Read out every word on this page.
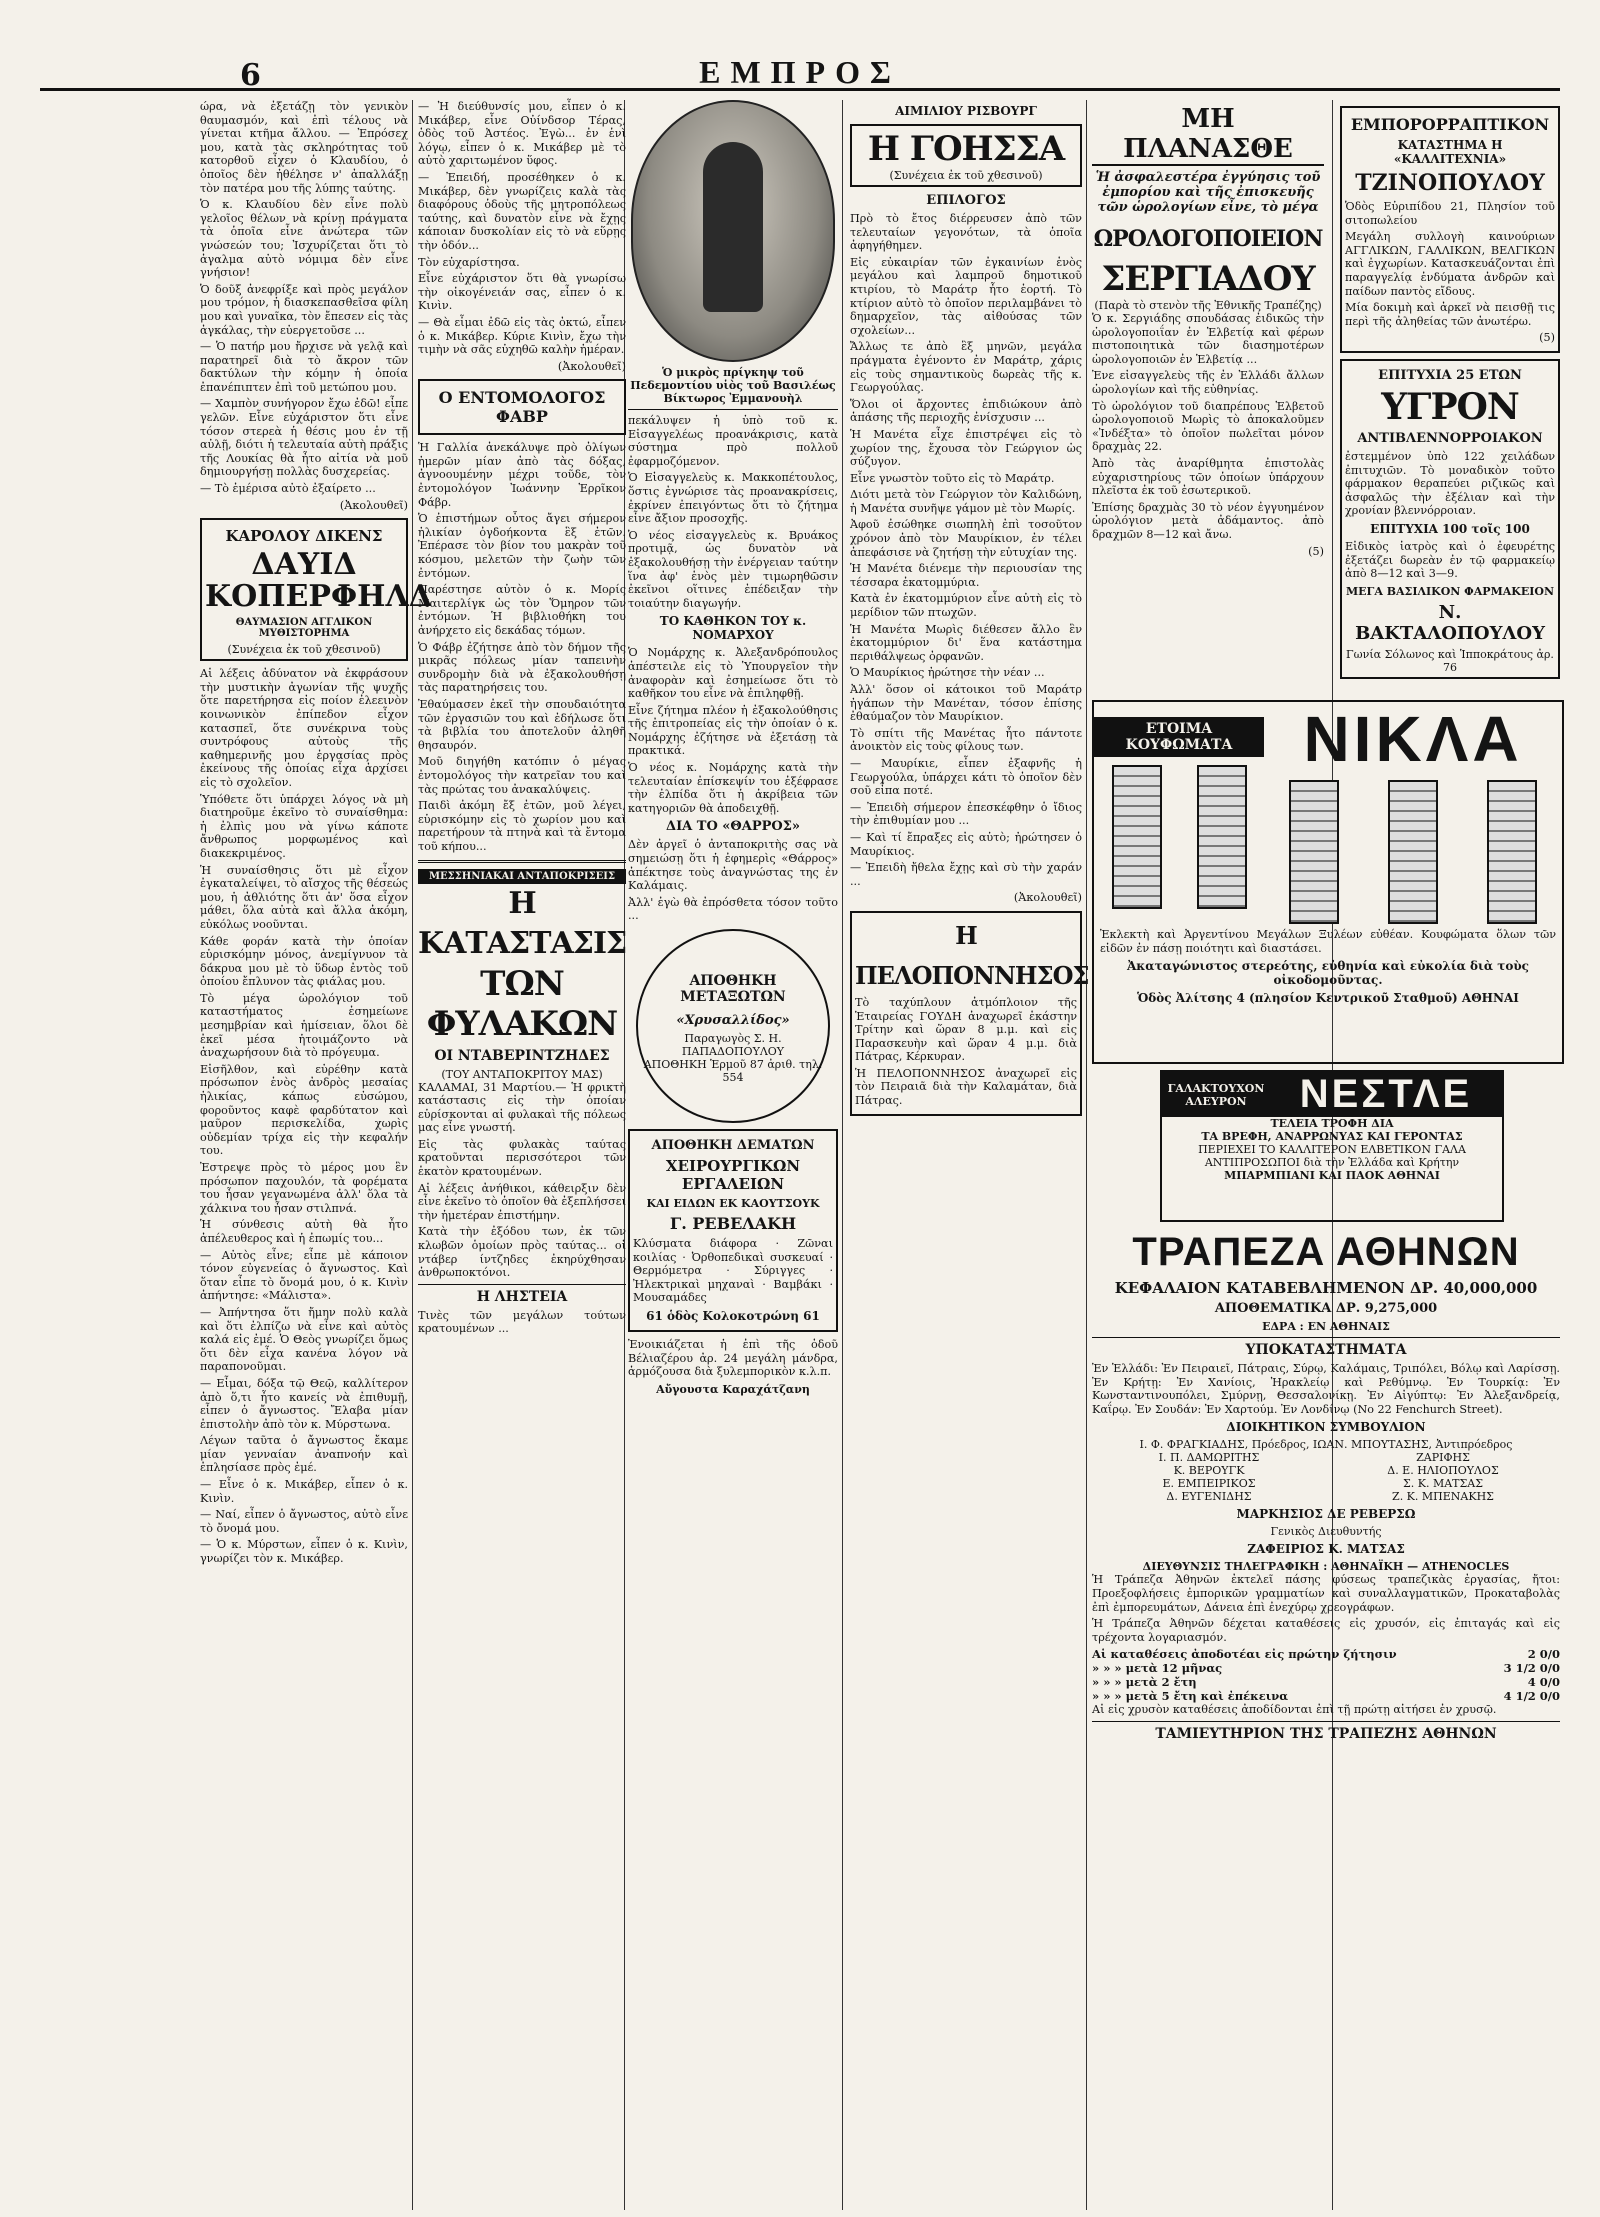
6	ΕΜΠΡΟΣ

ώρα, νὰ ἐξετάζῃ τὸν γενικὸν θαυμασμόν, καὶ ἐπὶ τέλους νὰ γίνεται κτῆμα ἄλλου. — Ἐπρόσεχ μου, κατὰ τὰς σκληρότητας τοῦ κατορθοῦ εἶχεν ὁ Κλαυδίου, ὁ ὁποῖος δὲν ἠθέλησε ν' ἀπαλλάξῃ τὸν πατέρα μου τῆς λύπης ταύτης.

Ὁ κ. Κλαυδίου δὲν εἶνε πολὺ γελοῖος θέλων νὰ κρίνῃ πράγματα τὰ ὁποῖα εἶνε ἀνώτερα τῶν γνώσεών του; Ἰσχυρίζεται ὅτι τὸ ἀγαλμα αὐτὸ νόμιμα δὲν εἶνε γνήσιον!

Ὁ δοῦξ ἀνεφρίξε καὶ πρὸς μεγάλον μου τρόμον, ἡ διασκεπασθεῖσα φίλη μου καὶ γυναῖκα, τὸν ἔπεσεν εἰς τὰς ἀγκάλας, τὴν εὐεργετοῦσε ...

— Ὁ πατήρ μου ἤρχισε νὰ γελᾷ καὶ παρατηρεῖ διὰ τὸ ἄκρον τῶν δακτύλων τὴν κόμην ἡ ὁποία ἐπανέπιπτεν ἐπὶ τοῦ μετώπου μου.

— Χαμπὸν συνήγορον ἔχω ἐδῶ! εἶπε γελῶν. Εἶνε εὐχάριστον ὅτι εἶνε τόσον στερεὰ ἡ θέσις μου ἐν τῇ αὐλῇ, διότι ἡ τελευταία αὐτὴ πράξις τῆς Λουκίας θὰ ἦτο αἰτία νὰ μοῦ δημιουργήσῃ πολλὰς δυσχερείας.

— Τὸ ἐμέρισα αὐτὸ ἐξαίρετο ...

(Ἀκολουθεῖ)

ΚΑΡΟΛΟΥ ΔΙΚΕΝΣ
ΔΑΥΙΔ ΚΟΠΕΡΦΗΛΔ
ΘΑΥΜΑΣΙΟΝ ΑΓΓΛΙΚΟΝ ΜΥΘΙΣΤΟΡΗΜΑ
(Συνέχεια ἐκ τοῦ χθεσινοῦ)

Αἱ λέξεις ἀδύνατον νὰ ἐκφράσουν τὴν μυστικὴν ἀγωνίαν τῆς ψυχῆς ὅτε παρετήρησα εἰς ποίον ἐλεεινὸν κοινωνικὸν ἐπίπεδον εἶχον κατασπεῖ, ὅτε συνέκρινα τοὺς συντρόφους αὐτοὺς τῆς καθημερινῆς μου ἐργασίας πρὸς ἐκείνους τῆς ὁποίας εἶχα ἀρχίσει εἰς τὸ σχολεῖον.

Ὑπόθετε ὅτι ὑπάρχει λόγος νὰ μὴ διατηροῦμε ἐκεῖνο τὸ συναίσθημα: ἡ ἐλπὶς μου νὰ γίνω κάποτε ἄνθρωπος μορφωμένος καὶ διακεκριμένος.

Ἡ συναίσθησις ὅτι μὲ εἶχον ἐγκαταλείψει, τὸ αἴσχος τῆς θέσεώς μου, ἡ ἀθλιότης ὅτι ἀν' ὅσα εἶχον μάθει, ὅλα αὐτὰ καὶ ἄλλα ἀκόμη, εὐκόλως νοοῦνται.

Κάθε φοράν κατὰ τὴν ὁποίαν εὑρισκόμην μόνος, ἀνεμίγνυον τὰ δάκρυα μου μὲ τὸ ὕδωρ ἐντὸς τοῦ ὁποίου ἔπλυνον τὰς φιάλας μου.

Τὸ μέγα ὡρολόγιον τοῦ καταστήματος ἐσημείωνε μεσημβρίαν καὶ ἡμίσειαν, ὅλοι δὲ ἐκεῖ μέσα ἡτοιμάζοντο νὰ ἀναχωρήσουν διὰ τὸ πρόγευμα.

Εἰσῆλθον, καὶ εὑρέθην κατὰ πρόσωπον ἑνὸς ἀνδρὸς μεσαίας ἡλικίας, κάπως εὐσώμου, φοροῦντος καφὲ φαρδύτατον καὶ μαῦρον περισκελίδα, χωρὶς οὐδεμίαν τρίχα εἰς τὴν κεφαλήν του.

Ἐστρεψε πρὸς τὸ μέρος μου ἓν πρόσωπον παχουλόν, τὰ φορέματα του ἦσαν γεγανωμένα ἀλλ' ὅλα τὰ χάλκινα του ἦσαν στιλπνά.

Ἡ σύνθεσις αὐτὴ θὰ ἦτο ἀπέλευθερος καὶ ἡ ἐπωμίς του...

— Αὐτὸς εἶνε; εἶπε μὲ κάποιον τόνον εὐγενείας ὁ ἄγνωστος. Καὶ ὅταν εἶπε τὸ ὄνομά μου, ὁ κ. Κινὶν ἀπήντησε: «Μάλιστα».

— Ἀπήντησα ὅτι ἤμην πολὺ καλὰ καὶ ὅτι ἐλπίζω νὰ εἶνε καὶ αὐτὸς καλά εἰς ἐμέ. Ὁ Θεὸς γνωρίζει ὅμως ὅτι δὲν εἶχα κανένα λόγον νὰ παραπονοῦμαι.

— Εἶμαι, δόξα τῷ Θεῷ, καλλίτερον ἀπὸ ὅ,τι ἦτο κανείς νὰ ἐπιθυμῇ, εἶπεν ὁ ἄγνωστος. Ἔλαβα μίαν ἐπιστολὴν ἀπὸ τὸν κ. Μύρστωνα.

Λέγων ταῦτα ὁ ἄγνωστος ἔκαμε μίαν γενναίαν ἀναπνοήν καὶ ἐπλησίασε πρὸς ἐμέ.

— Εἶνε ὁ κ. Μικάβερ, εἶπεν ὁ κ. Κινὶν.

— Ναί, εἶπεν ὁ ἄγνωστος, αὐτὸ εἶνε τὸ ὄνομά μου.

— Ὁ κ. Μύρστων, εἶπεν ὁ κ. Κινὶν, γνωρίζει τὸν κ. Μικάβερ.

— Ἡ διεύθυνσίς μου, εἶπεν ὁ κ. Μικάβερ, εἶνε Οὐίνδσορ Τέρας, ὁδὸς τοῦ Ἀστέος. Ἐγὼ... ἐν ἑνὶ λόγῳ, εἶπεν ὁ κ. Μικάβερ μὲ τὸ αὐτὸ χαριτωμένον ὕφος.

— Ἐπειδή, προσέθηκεν ὁ κ. Μικάβερ, δὲν γνωρίζεις καλὰ τὰς διαφόρους ὁδοὺς τῆς μητροπόλεως ταύτης, καὶ δυνατὸν εἶνε νὰ ἔχῃς κάποιαν δυσκολίαν εἰς τὸ νὰ εὕρῃς τὴν ὁδόν...

Τὸν εὐχαρίστησα.

Εἶνε εὐχάριστον ὅτι θὰ γνωρίσω τὴν οἰκογένειάν σας, εἶπεν ὁ κ. Κινὶν.

— Θὰ εἶμαι ἐδῶ εἰς τὰς ὀκτώ, εἶπεν ὁ κ. Μικάβερ. Κύριε Κινὶν, ἔχω τὴν τιμὴν νὰ σᾶς εὐχηθῶ καλὴν ἡμέραν.

(Ἀκολουθεῖ)

Ο ΕΝΤΟΜΟΛΟΓΟΣ ΦΑΒΡ

Ἡ Γαλλία ἀνεκάλυψε πρὸ ὀλίγων ἡμερῶν μίαν ἀπὸ τὰς δόξας, ἀγνοουμένην μέχρι τοῦδε, τὸν ἐντομολόγον Ἰωάννην Ἑρρῖκον Φάβρ.

Ὁ ἐπιστήμων οὗτος ἄγει σήμερον ἡλικίαν ὀγδοήκοντα ἓξ ἐτῶν. Ἐπέρασε τὸν βίον του μακρὰν τοῦ κόσμου, μελετῶν τὴν ζωὴν τῶν ἐντόμων.

Παρέστησε αὐτὸν ὁ κ. Μορίς Μαιτερλίγκ ὡς τὸν Ὅμηρον τῶν ἐντόμων. Ἡ βιβλιοθήκη του ἀνήρχετο εἰς δεκάδας τόμων.

Ὁ Φάβρ ἐζήτησε ἀπὸ τὸν δήμον τῆς μικρᾶς πόλεως μίαν ταπεινὴν συνδρομὴν διὰ νὰ ἐξακολουθήσῃ τὰς παρατηρήσεις του.

Ἐθαύμασεν ἐκεῖ τὴν σπουδαιότητα τῶν ἐργασιῶν του καὶ ἐδήλωσε ὅτι τὰ βιβλία του ἀποτελοῦν ἀληθῆ θησαυρόν.

Μοῦ διηγήθη κατόπιν ὁ μέγας ἐντομολόγος τὴν κατρεῖαν του καὶ τὰς πρώτας του ἀνακαλύψεις.

Παιδὶ ἀκόμη ἔξ ἐτῶν, μοῦ λέγει, εὑρισκόμην εἰς τὸ χωρίον μου καὶ παρετήρουν τὰ πτηνὰ καὶ τὰ ἔντομα τοῦ κήπου...

ΜΕΣΣΗΝΙΑΚΑΙ ΑΝΤΑΠΟΚΡΙΣΕΙΣ
Η ΚΑΤΑΣΤΑΣΙΣ
ΤΩΝ ΦΥΛΑΚΩΝ
ΟΙ ΝΤΑΒΕΡΙΝΤΖΗΔΕΣ
(ΤΟΥ ΑΝΤΑΠΟΚΡΙΤΟΥ ΜΑΣ)

ΚΑΛΑΜΑΙ, 31 Μαρτίου.— Ἡ φρικτὴ κατάστασις εἰς τὴν ὁποίαν εὑρίσκονται αἱ φυλακαὶ τῆς πόλεως μας εἶνε γνωστή.

Εἰς τὰς φυλακὰς ταύτας κρατοῦνται περισσότεροι τῶν ἑκατὸν κρατουμένων.

Αἱ λέξεις ἀνήθικοι, κάθειρξιν δὲν εἶνε ἐκεῖνο τὸ ὁποῖον θὰ ἐξεπλήσσει τὴν ἡμετέραν ἐπιστήμην.

Κατὰ τὴν ἐξόδου των, ἐκ τῶν κλωβῶν ὁμοίων πρὸς ταύτας... οἱ ντάβερ ίντζηδες ἐκηρύχθησαν ἀνθρωποκτόνοι.

Η ΛΗΣΤΕΙΑ

Τινὲς τῶν μεγάλων τούτων κρατουμένων ...

Ὁ μικρὸς πρίγκηψ τοῦ Πεδεμοντίου υἱὸς τοῦ Βασιλέως Βίκτωρος Ἐμμανουὴλ

πεκάλυψεν ἡ ὑπὸ τοῦ κ. Εἰσαγγελέως προανάκρισις, κατὰ σύστημα πρὸ πολλοῦ ἐφαρμοζόμενον.

Ὁ Εἰσαγγελεὺς κ. Μακκοπέτουλος, ὅστις ἐγνώρισε τὰς προανακρίσεις, ἐκρίνεν ἐπειγόντως ὅτι τὸ ζήτημα εἶνε ἄξιον προσοχῆς.

Ὁ νέος εἰσαγγελεὺς κ. Βρυάκος προτιμᾷ, ὡς δυνατὸν νὰ ἐξακολουθήσῃ τὴν ἐνέργειαν ταύτην ἵνα ἀφ' ἑνὸς μὲν τιμωρηθῶσιν ἐκεῖνοι οἵτινες ἐπέδειξαν τὴν τοιαύτην διαγωγήν.

ΤΟ ΚΑΘΗΚΟΝ ΤΟΥ κ. ΝΟΜΑΡΧΟΥ

Ὁ Νομάρχης κ. Ἀλεξανδρόπουλος ἀπέστειλε εἰς τὸ Ὑπουργεῖον τὴν ἀναφορὰν καὶ ἐσημείωσε ὅτι τὸ καθῆκον του εἶνε νὰ ἐπιληφθῇ.

Εἶνε ζήτημα πλέον ἡ ἐξακολούθησις τῆς ἐπιτροπείας εἰς τὴν ὁποίαν ὁ κ. Νομάρχης ἐζήτησε νὰ ἐξετάσῃ τὰ πρακτικά.

Ὁ νέος κ. Νομάρχης κατὰ τὴν τελευταίαν ἐπίσκεψίν του ἐξέφρασε τὴν ἐλπίδα ὅτι ἡ ἀκρίβεια τῶν κατηγοριῶν θὰ ἀποδειχθῇ.

ΔΙΑ ΤΟ «ΘΑΡΡΟΣ»

Δὲν ἀργεῖ ὁ ἀνταποκριτὴς σας νὰ σημειώσῃ ὅτι ἡ ἐφημερὶς «Θάρρος» ἀπέκτησε τοὺς ἀναγνώστας της ἐν Καλάμαις.

Ἀλλ' ἐγὼ θὰ ἐπρόσθετα τόσον τοῦτο ...

ΑΠΟΘΗΚΗ ΜΕΤΑΞΩΤΩΝ
«Χρυσαλλίδος»
Παραγωγὸς Σ. Η. ΠΑΠΑΔΟΠΟΥΛΟΥ
ΑΠΟΘΗΚΗ Ἑρμοῦ 87 ἀριθ. τηλ. 554
ΑΠΟΘΗΚΗ ΔΕΜΑΤΩΝ
ΧΕΙΡΟΥΡΓΙΚΩΝ ΕΡΓΑΛΕΙΩΝ
ΚΑΙ ΕΙΔΩΝ ΕΚ ΚΑΟΥΤΣΟΥΚ
Γ. ΡΕΒΕΛΑΚΗ

Κλύσματα διάφορα · Ζῶναι κοιλίας · Ὀρθοπεδικαὶ συσκευαί · Θερμόμετρα · Σύριγγες · Ἠλεκτρικαὶ μηχαναὶ · Βαμβάκι · Μουσαμάδες

61 ὁδὸς Κολοκοτρώνη 61

Ἐνοικιάζεται ἡ ἐπὶ τῆς ὁδοῦ Βέλιαζέρου ἀρ. 24 μεγάλη μάνδρα, ἁρμόζουσα διὰ ξυλεμπορικὸν κ.λ.π.

Αὔγουστα Καραχάτζανη
ΑΙΜΙΛΙΟΥ ΡΙΣΒΟΥΡΓ
Η ΓΟΗΣΣΑ
(Συνέχεια ἐκ τοῦ χθεσινοῦ)
ΕΠΙΛΟΓΟΣ

Πρὸ τὸ ἔτος διέρρευσεν ἀπὸ τῶν τελευταίων γεγονότων, τὰ ὁποῖα ἀφηγήθημεν.

Εἰς εὐκαιρίαν τῶν ἐγκαινίων ἑνὸς μεγάλου καὶ λαμπροῦ δημοτικοῦ κτιρίου, τὸ Μαράτρ ἦτο ἑορτή. Τὸ κτίριον αὐτὸ τὸ ὁποῖον περιλαμβάνει τὸ δημαρχεῖον, τὰς αἰθούσας τῶν σχολείων...

Ἄλλως τε ἀπὸ ἓξ μηνῶν, μεγάλα πράγματα ἐγένοντο ἐν Μαράτρ, χάρις εἰς τοὺς σημαντικοὺς δωρεὰς τῆς κ. Γεωργούλας.

Ὅλοι οἱ ἄρχοντες ἐπιδιώκουν ἀπὸ ἁπάσης τῆς περιοχῆς ἐνίσχυσιν ...

Ἡ Μανέτα εἶχε ἐπιστρέψει εἰς τὸ χωρίον της, ἔχουσα τὸν Γεώργιον ὡς σύζυγον.

Εἶνε γνωστὸν τοῦτο εἰς τὸ Μαράτρ.

Διότι μετὰ τὸν Γεώργιον τὸν Καλιδώνη, ἡ Μανέτα συνῆψε γάμον μὲ τὸν Μωρίς.

Ἀφοῦ ἐσώθηκε σιωπηλὴ ἐπὶ τοσοῦτον χρόνον ἀπὸ τὸν Μαυρίκιον, ἐν τέλει ἀπεφάσισε νὰ ζητήσῃ τὴν εὐτυχίαν της.

Ἡ Μανέτα διένεμε τὴν περιουσίαν της τέσσαρα ἐκατομμύρια.

Κατὰ ἐν ἑκατομμύριον εἶνε αὐτὴ εἰς τὸ μερίδιον τῶν πτωχῶν.

Ἡ Μανέτα Μωρὶς διέθεσεν ἄλλο ἓν ἑκατομμύριον δι' ἕνα κατάστημα περιθάλψεως ὀρφανῶν.

Ὁ Μαυρίκιος ἠρώτησε τὴν νέαν ...

Ἀλλ' ὅσον οἱ κάτοικοι τοῦ Μαράτρ ἠγάπων τὴν Μανέταν, τόσον ἐπίσης ἐθαύμαζον τὸν Μαυρίκιον.

Τὸ σπίτι τῆς Μανέτας ἦτο πάντοτε ἀνοικτὸν εἰς τοὺς φίλους των.

— Μαυρίκιε, εἶπεν ἐξαφνῆς ἡ Γεωργούλα, ὑπάρχει κάτι τὸ ὁποῖον δὲν σοῦ εἶπα ποτέ.

— Ἐπειδὴ σήμερον ἐπεσκέφθην ὁ ἴδιος τὴν ἐπιθυμίαν μου ...

— Καὶ τί ἔπραξες εἰς αὐτὸ; ἠρώτησεν ὁ Μαυρίκιος.

— Ἐπειδὴ ἤθελα ἔχῃς καὶ σὺ τὴν χαράν ...

(Ἀκολουθεῖ)

Η ΠΕΛΟΠΟΝΝΗΣΟΣ

Τὸ ταχύπλουν ἀτμόπλοιον τῆς Ἑταιρείας ΓΟΥΔΗ ἀναχωρεῖ ἑκάστην Τρίτην καὶ ὥραν 8 μ.μ. καὶ εἰς Παρασκευὴν καὶ ὥραν 4 μ.μ. διὰ Πάτρας, Κέρκυραν.

Ἡ ΠΕΛΟΠΟΝΝΗΣΟΣ ἀναχωρεῖ εἰς τὸν Πειραιᾶ διὰ τὴν Καλαμάταν, διὰ Πάτρας.

ΜΗ ΠΛΑΝΑΣΘΕ
Ἡ ἀσφαλεστέρα ἐγγύησις τοῦ ἐμπορίου καὶ τῆς ἐπισκευῆς τῶν ὡρολογίων εἶνε, τὸ μέγα
ΩΡΟΛΟΓΟΠΟΙΕΙΟΝ
ΣΕΡΓΙΑΔΟΥ
(Παρὰ τὸ στενὸν τῆς Ἐθνικῆς Τραπέζης)

Ὁ κ. Σεργιάδης σπουδάσας ἐιδικῶς τὴν ὡρολογοποιΐαν ἐν Ἑλβετίᾳ καὶ φέρων πιστοποιητικὰ τῶν διασημοτέρων ὡρολογοποιῶν ἐν Ἑλβετίᾳ ...

Ἐνε εἰσαγγελεὺς τῆς ἐν Ἑλλάδι ἄλλων ὡρολογίων καὶ τῆς εὐθηνίας.

Τὸ ὡρολόγιον τοῦ διαπρέπους Ἑλβετοῦ ὡρολογοποιοῦ Μωρὶς τὸ ἀποκαλοῦμεν «Ἰνδέξτα» τὸ ὁποῖον πωλεῖται μόνον δραχμὰς 22.

Ἀπὸ τὰς ἀναρίθμητα ἐπιστολὰς εὐχαριστηρίους τῶν ὁποίων ὑπάρχουν πλεῖστα ἐκ τοῦ ἐσωτερικοῦ.

Ἐπίσης δραχμὰς 30 τὸ νέον ἐγγυημένον ὡρολόγιον μετὰ ἀδάμαντος. ἀπὸ δραχμῶν 8—12 καὶ ἄνω.

(5)

ΕΜΠΟΡΟΡΡΑΠΤΙΚΟΝ
ΚΑΤΑΣΤΗΜΑ Η «ΚΑΛΛΙΤΕΧΝΙΑ»
ΤΖΙΝΟΠΟΥΛΟΥ

Ὁδὸς Εὐριπίδου 21, Πλησίον τοῦ σιτοπωλείου

Μεγάλη συλλογὴ καινούριων ΑΓΓΛΙΚΩΝ, ΓΑΛΛΙΚΩΝ, ΒΕΛΓΙΚΩΝ καὶ ἐγχωρίων. Κατασκευάζονται ἐπὶ παραγγελίᾳ ἐνδύματα ἀνδρῶν καὶ παίδων παντὸς εἴδους.

Μία δοκιμὴ καὶ ἀρκεῖ νὰ πεισθῇ τις περὶ τῆς ἀληθείας τῶν ἀνωτέρω.

(5)

ΕΠΙΤΥΧΙΑ 25 ΕΤΩΝ
ΥΓΡΟΝ
ΑΝΤΙΒΛΕΝΝΟΡΡΟΙΑΚΟΝ

ἐστεμμένον ὑπὸ 122 χειλάδων ἐπιτυχιῶν. Τὸ μοναδικὸν τοῦτο φάρμακον θεραπεύει ριζικῶς καὶ ἀσφαλῶς τὴν ἐξέλιαν καὶ τὴν χρονίαν βλεννόρροιαν.

ΕΠΙΤΥΧΙΑ 100 τοῖς 100

Εἰδικὸς ἰατρὸς καὶ ὁ ἐφευρέτης ἐξετάζει δωρεὰν ἐν τῷ φαρμακείῳ ἀπὸ 8—12 καὶ 3—9.

ΜΕΓΑ ΒΑΣΙΛΙΚΟΝ ΦΑΡΜΑΚΕΙΟΝ
Ν. ΒΑΚΤΑΛΟΠΟΥΛΟΥ
Γωνία Σόλωνος καὶ Ἱπποκράτους ἀρ. 76
ΕΤΟΙΜΑ ΚΟΥΦΩΜΑΤΑ	ΝΙΚΛΑ

Ἐκλεκτὴ καὶ Ἀργεντίνου Μεγάλων Ξυλέων εὐθέαν. Κουφώματα ὅλων τῶν εἰδῶν ἐν πάσῃ ποιότητι καὶ διαστάσει.

Ἀκαταγώνιστος στερεότης, εὐθηνία καὶ εὐκολία διὰ τοὺς οἰκοδομοῦντας.
Ὁδὸς Ἀλίτσης 4 (πλησίον Κεντρικοῦ Σταθμοῦ) ΑΘΗΝΑΙ
ΓΑΛΑΚΤΟΥΧΟΝ ΑΛΕΥΡΟΝ	ΝΕΣΤΛΕ
ΤΕΛΕΙΑ ΤΡΟΦΗ ΔΙΑ
ΤΑ ΒΡΕΦΗ, ΑΝΑΡΡΩΝΥΑΣ ΚΑΙ ΓΕΡΟΝΤΑΣ
ΠΕΡΙΕΧΕΙ ΤΟ ΚΑΛΛΙΤΕΡΟΝ ΕΛΒΕΤΙΚΟΝ ΓΑΛΑ
ΑΝΤΙΠΡΟΣΩΠΟΙ διὰ τὴν Ἑλλάδα καὶ Κρήτην
ΜΠΑΡΜΠΙΑΝΙ ΚΑΙ ΠΑΟΚ ΑΘΗΝΑΙ
ΤΡΑΠΕΖΑ ΑΘΗΝΩΝ
ΚΕΦΑΛΑΙΟΝ ΚΑΤΑΒΕΒΛΗΜΕΝΟΝ ΔΡ. 40,000,000
ΑΠΟΘΕΜΑΤΙΚΑ ΔΡ. 9,275,000
ΕΔΡΑ : ΕΝ ΑΘΗΝΑΙΣ
ΥΠΟΚΑΤΑΣΤΗΜΑΤΑ

Ἐν Ἑλλάδι: Ἐν Πειραιεῖ, Πάτραις, Σύρῳ, Καλάμαις, Τριπόλει, Βόλῳ καὶ Λαρίσσῃ. Ἐν Κρήτῃ: Ἐν Χανίοις, Ἡρακλείῳ καὶ Ρεθύμνῳ. Ἐν Τουρκίᾳ: Ἐν Κωνσταντινουπόλει, Σμύρνῃ, Θεσσαλονίκῃ. Ἐν Αἰγύπτῳ: Ἐν Ἀλεξανδρείᾳ, Καΐρῳ. Ἐν Σουδάν: Ἐν Χαρτούμ. Ἐν Λονδίνῳ (No 22 Fenchurch Street).

ΔΙΟΙΚΗΤΙΚΟΝ ΣΥΜΒΟΥΛΙΟΝ
Ι. Φ. ΦΡΑΓΚΙΑΔΗΣ, Πρόεδρος, ΙΩΑΝ. ΜΠΟΥΤΑΣΗΣ, Ἀντιπρόεδρος
Ι. Π. ΔΑΜΩΡΙΤΗΣ	ΖΑΡΙΦΗΣ
Κ. ΒΕΡΟΥΓΚ	Δ. Ε. ΗΛΙΟΠΟΥΛΟΣ
Ε. ΕΜΠΕΙΡΙΚΟΣ	Σ. Κ. ΜΑΤΣΑΣ
Δ. ΕΥΓΕΝΙΔΗΣ	Ζ. Κ. ΜΠΕΝΑΚΗΣ
ΜΑΡΚΗΣΙΟΣ ΔΕ ΡΕΒΕΡΣΩ
Γενικὸς Διευθυντής
ΖΑΦΕΙΡΙΟΣ Κ. ΜΑΤΣΑΣ
ΔΙΕΥΘΥΝΣΙΣ ΤΗΛΕΓΡΑΦΙΚΗ : ΑΘΗΝΑΪΚΗ — ATHENOCLES

Ἡ Τράπεζα Ἀθηνῶν ἐκτελεῖ πάσης φύσεως τραπεζικὰς ἐργασίας, ἤτοι: Προεξοφλήσεις ἐμπορικῶν γραμματίων καὶ συναλλαγματικῶν, Προκαταβολὰς ἐπὶ ἐμπορευμάτων, Δάνεια ἐπὶ ἐνεχύρῳ χρεογράφων.

Ἡ Τράπεζα Ἀθηνῶν δέχεται καταθέσεις εἰς χρυσόν, εἰς ἐπιταγάς καὶ εἰς τρέχοντα λογαριασμόν.

Αἱ καταθέσεις ἀποδοτέαι εἰς πρώτην ζήτησιν	2 0/0
» » » μετὰ 12 μῆνας	3 1/2 0/0
» » » μετὰ 2 ἔτη	4 0/0
» » » μετὰ 5 ἔτη καὶ ἐπέκεινα	4 1/2 0/0

Αἱ εἰς χρυσὸν καταθέσεις ἀποδίδονται ἐπὶ τῇ πρώτῃ αἰτήσει ἐν χρυσῷ.

ΤΑΜΙΕΥΤΗΡΙΟΝ ΤΗΣ ΤΡΑΠΕΖΗΣ ΑΘΗΝΩΝ
